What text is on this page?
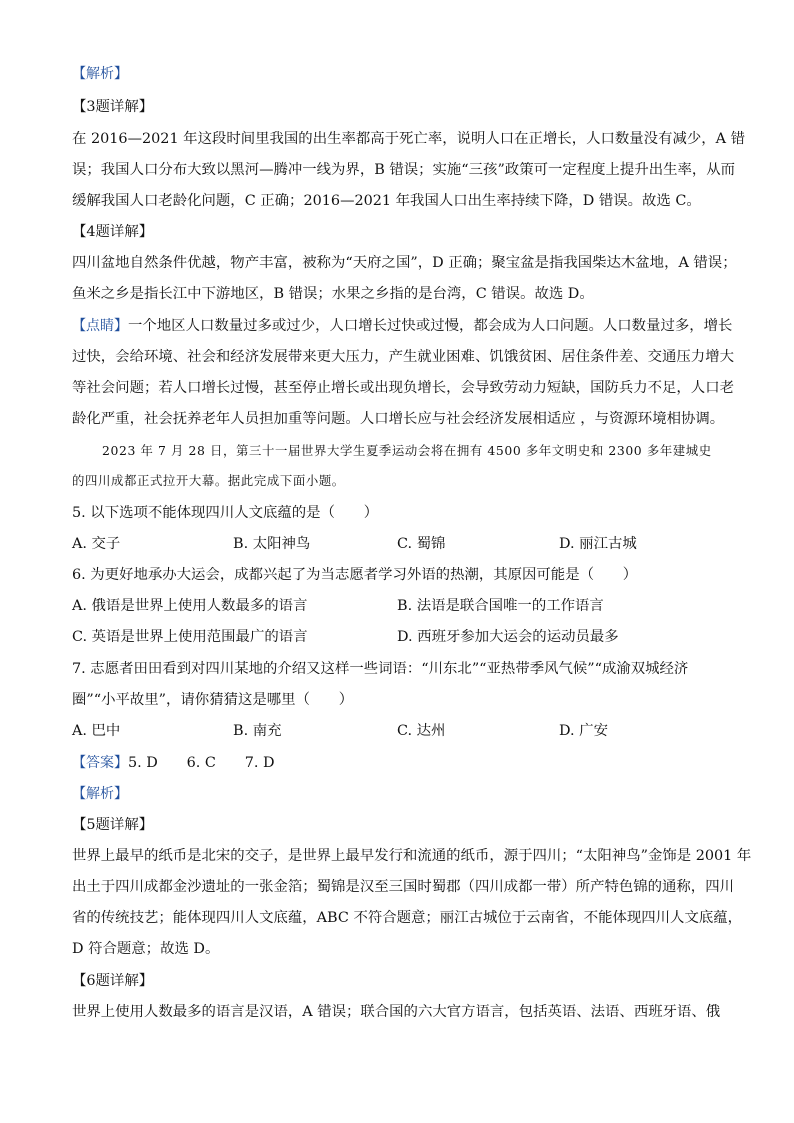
【解析】
【3题详解】
在 2016—2021 年这段时间里我国的出生率都高于死亡率，说明人口在正增长，人口数量没有减少，A 错
误；我国人口分布大致以黑河—腾冲一线为界，B 错误；实施“三孩”政策可一定程度上提升出生率，从而
缓解我国人口老龄化问题，C 正确；2016—2021 年我国人口出生率持续下降，D 错误。故选 C。
【4题详解】
四川盆地自然条件优越，物产丰富，被称为“天府之国”，D 正确；聚宝盆是指我国柴达木盆地，A 错误；
鱼米之乡是指长江中下游地区，B 错误；水果之乡指的是台湾，C 错误。故选 D。
【点睛】一个地区人口数量过多或过少，人口增长过快或过慢，都会成为人口问题。人口数量过多，增长
过快，会给环境、社会和经济发展带来更大压力，产生就业困难、饥饿贫困、居住条件差、交通压力增大
等社会问题；若人口增长过慢，甚至停止增长或出现负增长，会导致劳动力短缺，国防兵力不足，人口老
龄化严重，社会抚养老年人员担加重等问题。人口增长应与社会经济发展相适应 ，与资源环境相协调。
2023 年 7 月 28 日，第三十一届世界大学生夏季运动会将在拥有 4500 多年文明史和 2300 多年建城史
的四川成都正式拉开大幕。据此完成下面小题。
5. 以下选项不能体现四川人文底蕴的是（　　）
A. 交子	B. 太阳神鸟	C. 蜀锦	D. 丽江古城
6. 为更好地承办大运会，成都兴起了为当志愿者学习外语的热潮，其原因可能是（　　）
A. 俄语是世界上使用人数最多的语言	B. 法语是联合国唯一的工作语言
C. 英语是世界上使用范围最广的语言	D. 西班牙参加大运会的运动员最多
7. 志愿者田田看到对四川某地的介绍又这样一些词语：“川东北”“亚热带季风气候”“成渝双城经济
圈”“小平故里”，请你猜猜这是哪里（　　）
A. 巴中	B. 南充	C. 达州	D. 广安
【答案】5. D　　6. C　　7. D
【解析】
【5题详解】
世界上最早的纸币是北宋的交子，是世界上最早发行和流通的纸币，源于四川；“太阳神鸟”金饰是 2001 年
出土于四川成都金沙遗址的一张金箔；蜀锦是汉至三国时蜀郡（四川成都一带）所产特色锦的通称，四川
省的传统技艺；能体现四川人文底蕴，ABC 不符合题意；丽江古城位于云南省，不能体现四川人文底蕴，
D 符合题意；故选 D。
【6题详解】
世界上使用人数最多的语言是汉语，A 错误；联合国的六大官方语言，包括英语、法语、西班牙语、俄
